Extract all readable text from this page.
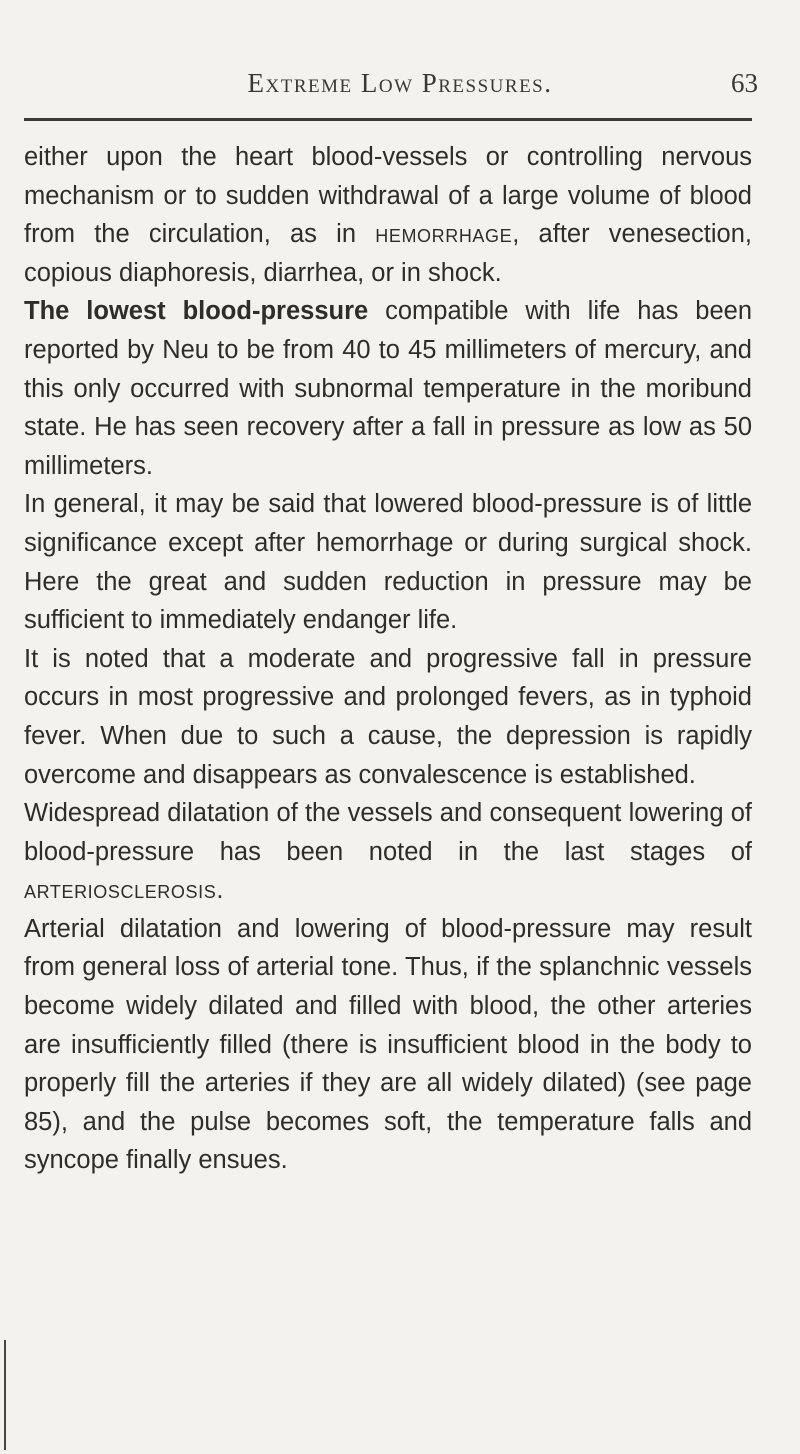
Extreme Low Pressures.	63

either upon the heart blood-vessels or controlling nervous mechanism or to sudden withdrawal of a large volume of blood from the circulation, as in hemorrhage, after venesection, copious diaphoresis, diarrhea, or in shock.

The lowest blood-pressure compatible with life has been reported by Neu to be from 40 to 45 millimeters of mercury, and this only occurred with subnormal temperature in the moribund state. He has seen recovery after a fall in pressure as low as 50 millimeters.

In general, it may be said that lowered blood-pressure is of little significance except after hemorrhage or during surgical shock. Here the great and sudden reduction in pressure may be sufficient to immediately endanger life.

It is noted that a moderate and progressive fall in pressure occurs in most progressive and prolonged fevers, as in typhoid fever. When due to such a cause, the depression is rapidly overcome and disappears as convalescence is established.

Widespread dilatation of the vessels and consequent lowering of blood-pressure has been noted in the last stages of arteriosclerosis.

Arterial dilatation and lowering of blood-pressure may result from general loss of arterial tone. Thus, if the splanchnic vessels become widely dilated and filled with blood, the other arteries are insufficiently filled (there is insufficient blood in the body to properly fill the arteries if they are all widely dilated) (see page 85), and the pulse becomes soft, the temperature falls and syncope finally ensues.
